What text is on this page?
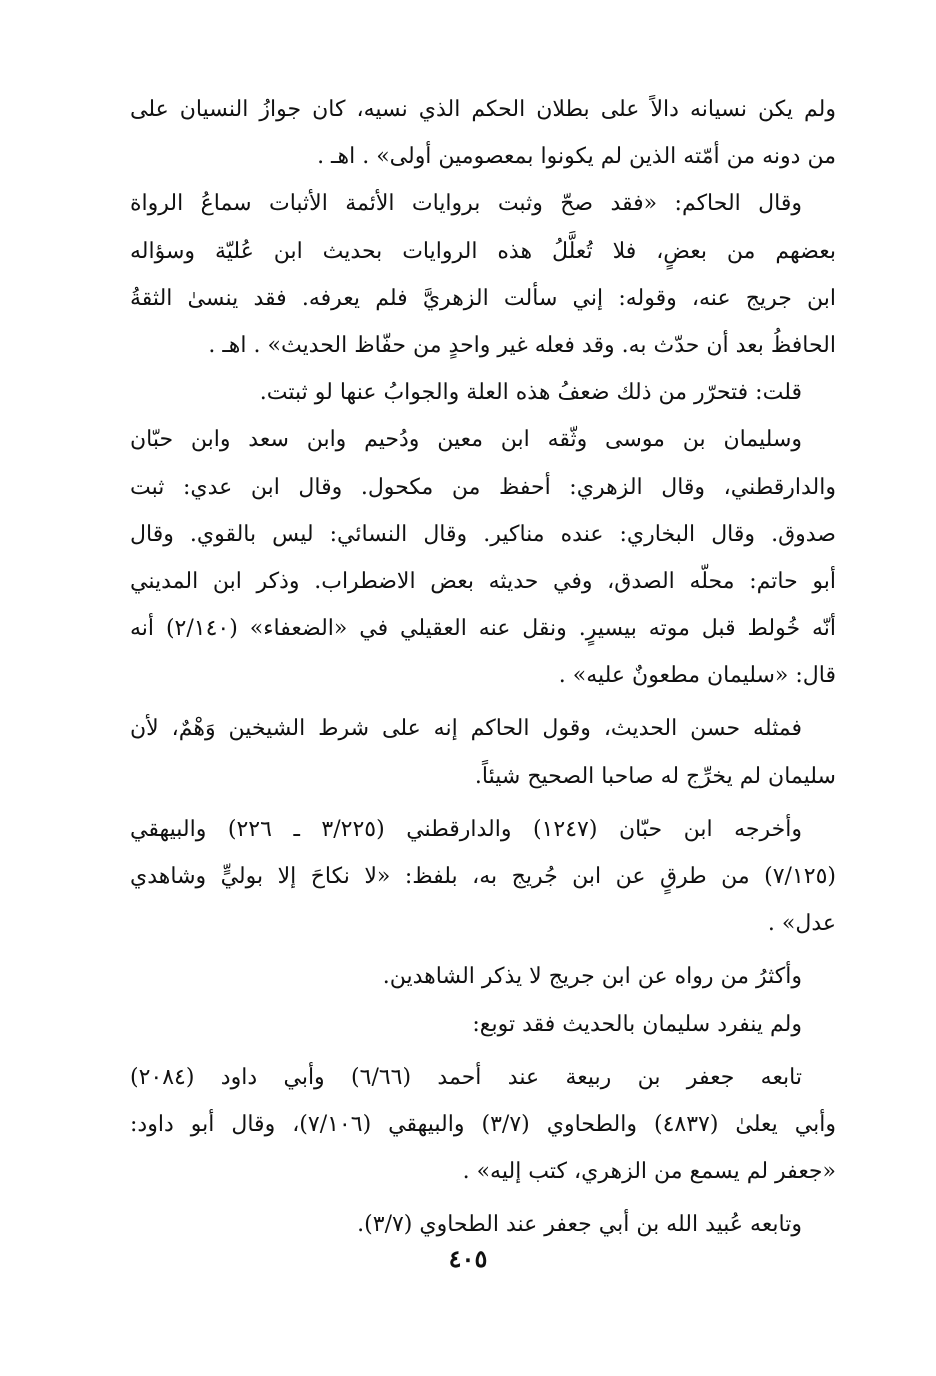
ولم يكن نسيانه دالاً على بطلان الحكم الذي نسيه، كان جوازُ النسيان على
من دونه من أمّته الذين لم يكونوا بمعصومين أولى» . اهـ .
وقال الحاكم: «فقد صحّ وثبت بروايات الأئمة الأثبات سماعُ الرواة
بعضهم من بعضٍ، فلا تُعلَّلُ هذه الروايات بحديث ابن عُليّة وسؤاله
ابن جريج عنه، وقوله: إني سألت الزهريَّ فلم يعرفه. فقد ينسىٰ الثقةُ
الحافظُ بعد أن حدّث به. وقد فعله غير واحدٍ من حفّاظ الحديث» . اهـ .
قلت: فتحرّر من ذلك ضعفُ هذه العلة والجوابُ عنها لو ثبتت.
وسليمان بن موسى وثّقه ابن معين ودُحيم وابن سعد وابن حبّان
والدارقطني، وقال الزهري: أحفظ من مكحول. وقال ابن عدي: ثبت
صدوق. وقال البخاري: عنده مناكير. وقال النسائي: ليس بالقوي. وقال
أبو حاتم: محلّه الصدق، وفي حديثه بعض الاضطراب. وذكر ابن المديني
أنّه خُولط قبل موته بيسيرٍ. ونقل عنه العقيلي في «الضعفاء» (٢/١٤٠) أنه
قال: «سليمان مطعونٌ عليه» .
فمثله حسن الحديث، وقول الحاكم إنه على شرط الشيخين وَهْمٌ، لأن
سليمان لم يخرِّج له صاحبا الصحيح شيئاً.
وأخرجه ابن حبّان (١٢٤٧) والدارقطني (٣/٢٢٥ ـ ٢٢٦) والبيهقي
(٧/١٢٥) من طرقٍ عن ابن جُريج به، بلفظ: «لا نكاحَ إلا بوليٍّ وشاهدي
عدل» .
وأكثرُ من رواه عن ابن جريج لا يذكر الشاهدين.
ولم ينفرد سليمان بالحديث فقد توبع:
تابعه جعفر بن ربيعة عند أحمد (٦/٦٦) وأبي داود (٢٠٨٤)
وأبي يعلىٰ (٤٨٣٧) والطحاوي (٣/٧) والبيهقي (٧/١٠٦)، وقال أبو داود:
«جعفر لم يسمع من الزهري، كتب إليه» .
وتابعه عُبيد الله بن أبي جعفر عند الطحاوي (٣/٧).
٤٠٥
